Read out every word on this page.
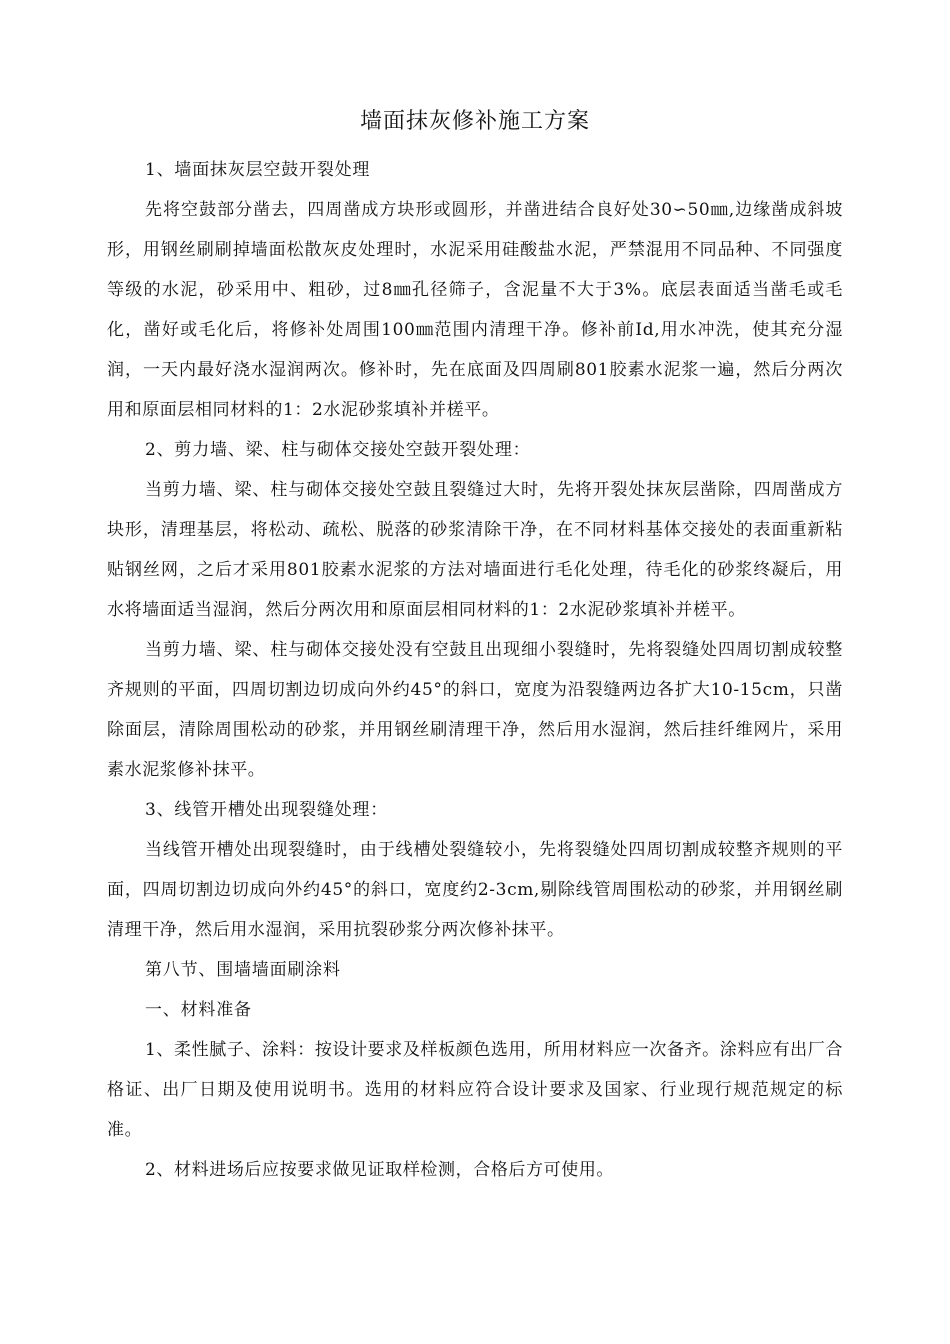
墙面抹灰修补施工方案

1、墙面抹灰层空鼓开裂处理

先将空鼓部分凿去，四周凿成方块形或圆形，并凿进结合良好处30∽50㎜,边缘凿成斜坡形，用钢丝刷刷掉墙面松散灰皮处理时，水泥采用硅酸盐水泥，严禁混用不同品种、不同强度等级的水泥，砂采用中、粗砂，过8㎜孔径筛子，含泥量不大于3%。底层表面适当凿毛或毛化，凿好或毛化后，将修补处周围100㎜范围内清理干净。修补前Id,用水冲洗，使其充分湿润，一天内最好浇水湿润两次。修补时，先在底面及四周刷801胶素水泥浆一遍，然后分两次用和原面层相同材料的1：2水泥砂浆填补并槎平。

2、剪力墙、梁、柱与砌体交接处空鼓开裂处理：

当剪力墙、梁、柱与砌体交接处空鼓且裂缝过大时，先将开裂处抹灰层凿除，四周凿成方块形，清理基层，将松动、疏松、脱落的砂浆清除干净，在不同材料基体交接处的表面重新粘贴钢丝网，之后才采用801胶素水泥浆的方法对墙面进行毛化处理，待毛化的砂浆终凝后，用水将墙面适当湿润，然后分两次用和原面层相同材料的1：2水泥砂浆填补并槎平。

当剪力墙、梁、柱与砌体交接处没有空鼓且出现细小裂缝时，先将裂缝处四周切割成较整齐规则的平面，四周切割边切成向外约45°的斜口，宽度为沿裂缝两边各扩大10-15cm，只凿除面层，清除周围松动的砂浆，并用钢丝刷清理干净，然后用水湿润，然后挂纤维网片，采用素水泥浆修补抹平。

3、线管开槽处出现裂缝处理：

当线管开槽处出现裂缝时，由于线槽处裂缝较小，先将裂缝处四周切割成较整齐规则的平面，四周切割边切成向外约45°的斜口，宽度约2-3cm,剔除线管周围松动的砂浆，并用钢丝刷清理干净，然后用水湿润，采用抗裂砂浆分两次修补抹平。

第八节、围墙墙面刷涂料

一、材料准备

1、柔性腻子、涂料：按设计要求及样板颜色选用，所用材料应一次备齐。涂料应有出厂合格证、出厂日期及使用说明书。选用的材料应符合设计要求及国家、行业现行规范规定的标准。

2、材料进场后应按要求做见证取样检测，合格后方可使用。
